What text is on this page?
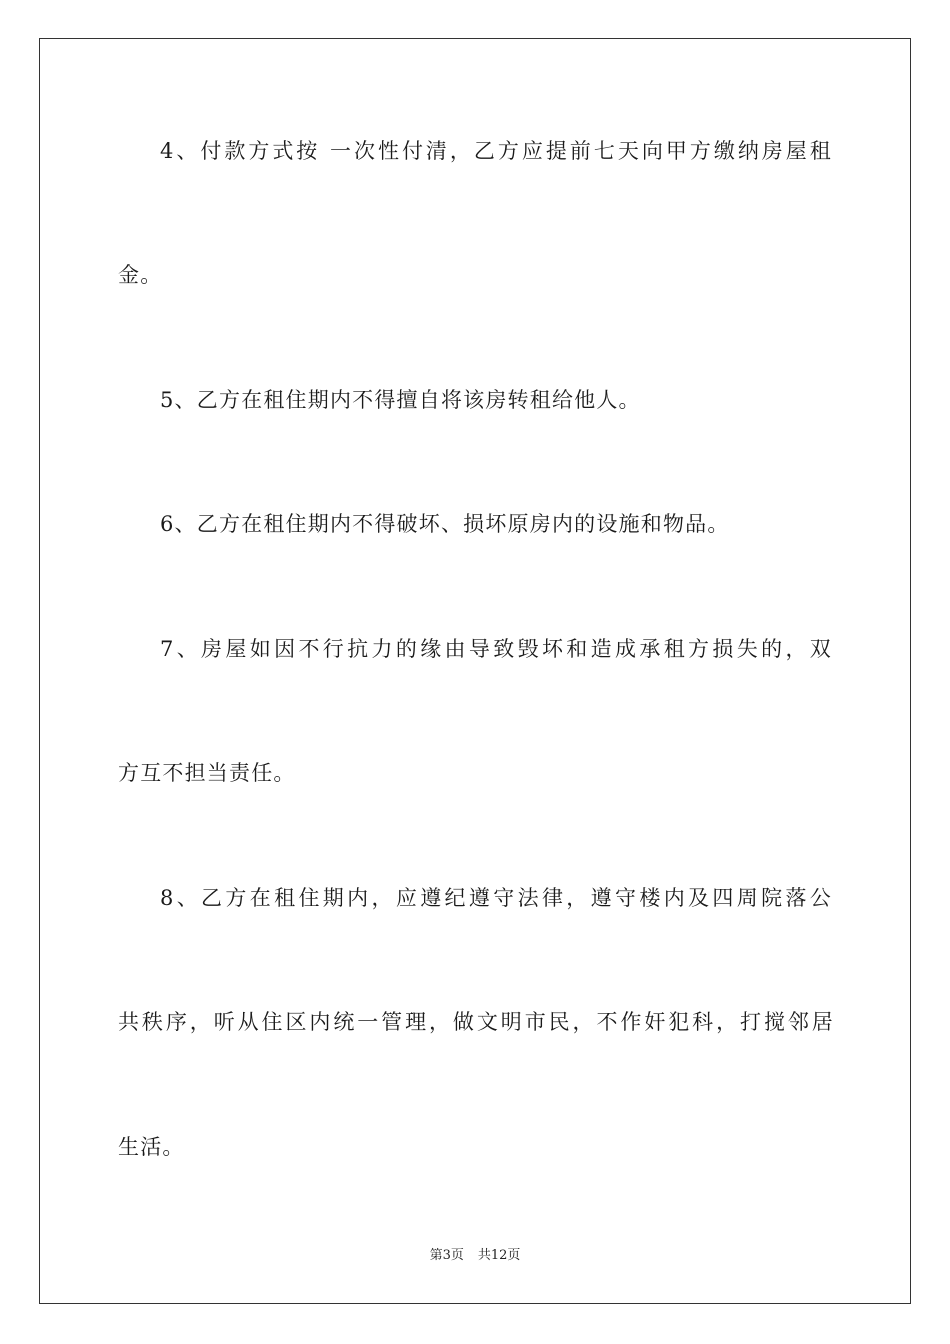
4、付款方式按 一次性付清，乙方应提前七天向甲方缴纳房屋租
金。
5、乙方在租住期内不得擅自将该房转租给他人。
6、乙方在租住期内不得破坏、损坏原房内的设施和物品。
7、房屋如因不行抗力的缘由导致毁坏和造成承租方损失的，双
方互不担当责任。
8、乙方在租住期内，应遵纪遵守法律，遵守楼内及四周院落公
共秩序，听从住区内统一管理，做文明市民，不作奸犯科，打搅邻居
生活。
第3页 共12页
